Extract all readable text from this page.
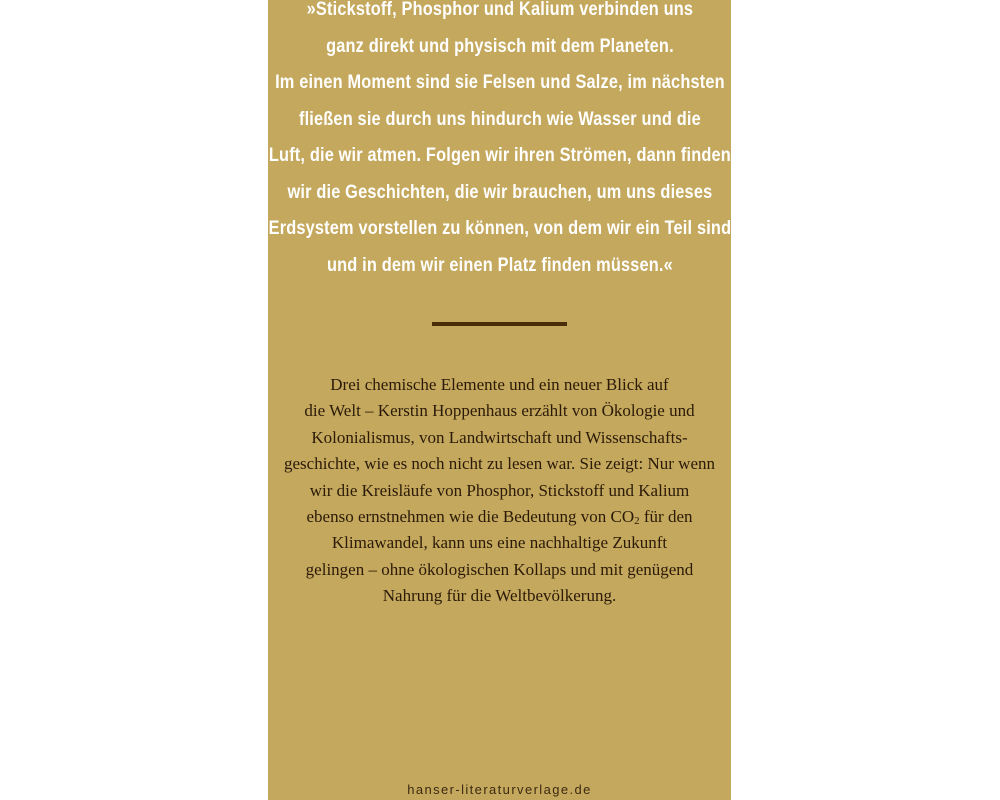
»Stickstoff, Phosphor und Kalium verbinden uns
ganz direkt und physisch mit dem Planeten.
Im einen Moment sind sie Felsen und Salze, im nächsten
fließen sie durch uns hindurch wie Wasser und die
Luft, die wir atmen. Folgen wir ihren Strömen, dann finden
wir die Geschichten, die wir brauchen, um uns dieses
Erdsystem vorstellen zu können, von dem wir ein Teil sind
und in dem wir einen Platz finden müssen.«

Drei chemische Elemente und ein neuer Blick auf
die Welt – Kerstin Hoppenhaus erzählt von Ökologie und
Kolonialismus, von Landwirtschaft und Wissenschafts-
geschichte, wie es noch nicht zu lesen war. Sie zeigt: Nur wenn
wir die Kreisläufe von Phosphor, Stickstoff und Kalium
ebenso ernstnehmen wie die Bedeutung von $CO_2$ für den
Klimawandel, kann uns eine nachhaltige Zukunft
gelingen – ohne ökologischen Kollaps und mit genügend
Nahrung für die Weltbevölkerung.

hanser-literaturverlage.de
